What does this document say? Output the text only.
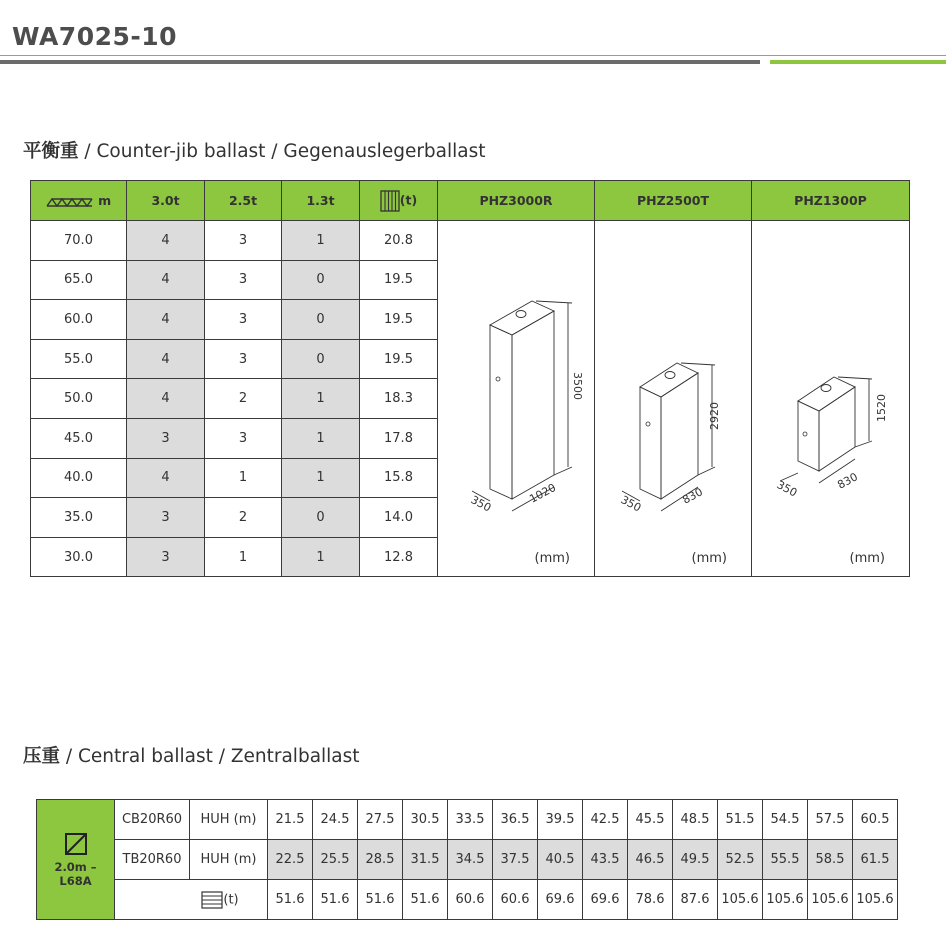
WA7025-10
平衡重 / Counter-jib ballast / Gegenauslegerballast
m	3.0t	2.5t	1.3t	(t)	PHZ3000R	PHZ2500T	PHZ1300P
70.0	4	3	1	20.8	(mm)	(mm)	(mm)

65.0	4	3	0	19.5			
60.0	4	3	0	19.5			
55.0	4	3	0	19.5			
50.0	4	2	1	18.3			
45.0	3	3	1	17.8			
40.0	4	1	1	15.8			
35.0	3	2	0	14.0			
30.0	3	1	1	12.8			
3500
350	1020
2920
350	830
1520
350	830
压重 / Central ballast / Zentralballast
2.0m – L68A	CB20R60	HUH (m)	21.5	24.5	27.5	30.5	33.5	36.5	39.5	42.5	45.5	48.5	51.5	54.5	57.5	60.5
	TB20R60	HUH (m)	22.5	25.5	28.5	31.5	34.5	37.5	40.5	43.5	46.5	49.5	52.5	55.5	58.5	61.5
	(t)		51.6	51.6	51.6	51.6	60.6	60.6	69.6	69.6	78.6	87.6	105.6	105.6	105.6	105.6
